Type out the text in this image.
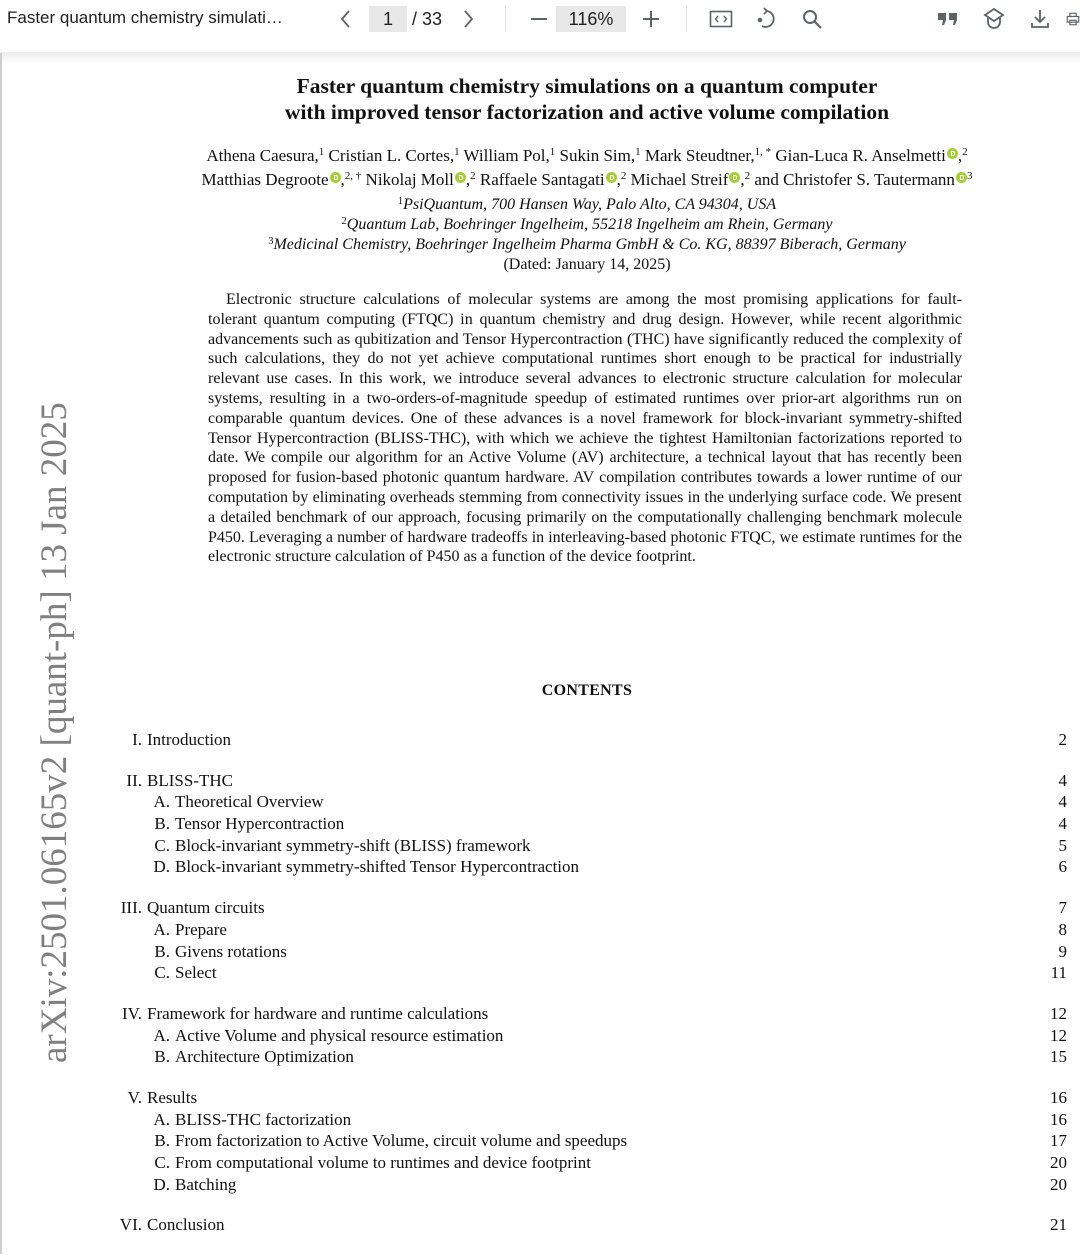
Faster quantum chemistry simulati…	1	/ 33	116%
Faster quantum chemistry simulations on a quantum computer
with improved tensor factorization and active volume compilation
Athena Caesura,$^1$ Cristian L. Cortes,$^1$ William Pol,$^1$ Sukin Sim,$^1$ Mark Steudtner,$^{1, *}$ Gian-Luca R. Anselmetti ,$^2$
Matthias Degroote ,$^{2, \dagger}$ Nikolaj Moll ,$^2$ Raffaele Santagati ,$^2$ Michael Streif ,$^2$ and Christofer S. Tautermann $^3$
$^1$PsiQuantum, 700 Hansen Way, Palo Alto, CA 94304, USA
$^2$Quantum Lab, Boehringer Ingelheim, 55218 Ingelheim am Rhein, Germany
$^3$Medicinal Chemistry, Boehringer Ingelheim Pharma GmbH & Co. KG, 88397 Biberach, Germany
(Dated: January 14, 2025)
Electronic structure calculations of molecular systems are among the most promising applications for fault-tolerant quantum computing (FTQC) in quantum chemistry and drug design. However, while recent algorithmic advancements such as qubitization and Tensor Hypercontraction (THC) have significantly reduced the complexity of such calculations, they do not yet achieve computational runtimes short enough to be practical for industrially relevant use cases. In this work, we introduce several advances to electronic structure calculation for molecular systems, resulting in a two-orders-of-magnitude speedup of estimated runtimes over prior-art algorithms run on comparable quantum devices. One of these advances is a novel framework for block-invariant symmetry-shifted Tensor Hypercontraction (BLISS-THC), with which we achieve the tightest Hamiltonian factorizations reported to date. We compile our algorithm for an Active Volume (AV) architecture, a technical layout that has recently been proposed for fusion-based photonic quantum hardware. AV compilation contributes towards a lower runtime of our computation by eliminating overheads stemming from connectivity issues in the underlying surface code. We present a detailed benchmark of our approach, focusing primarily on the computationally challenging benchmark molecule P450. Leveraging a number of hardware tradeoffs in interleaving-based photonic FTQC, we estimate runtimes for the electronic structure calculation of P450 as a function of the device footprint.
CONTENTS
I. Introduction	2
II. BLISS-THC	4
A. Theoretical Overview	4
B. Tensor Hypercontraction	4
C. Block-invariant symmetry-shift (BLISS) framework	5
D. Block-invariant symmetry-shifted Tensor Hypercontraction	6
III. Quantum circuits	7
A. Prepare	8
B. Givens rotations	9
C. Select	11
IV. Framework for hardware and runtime calculations	12
A. Active Volume and physical resource estimation	12
B. Architecture Optimization	15
V. Results	16
A. BLISS-THC factorization	16
B. From factorization to Active Volume, circuit volume and speedups	17
C. From computational volume to runtimes and device footprint	20
D. Batching	20
VI. Conclusion	21
arXiv:2501.06165v2 [quant-ph] 13 Jan 2025
